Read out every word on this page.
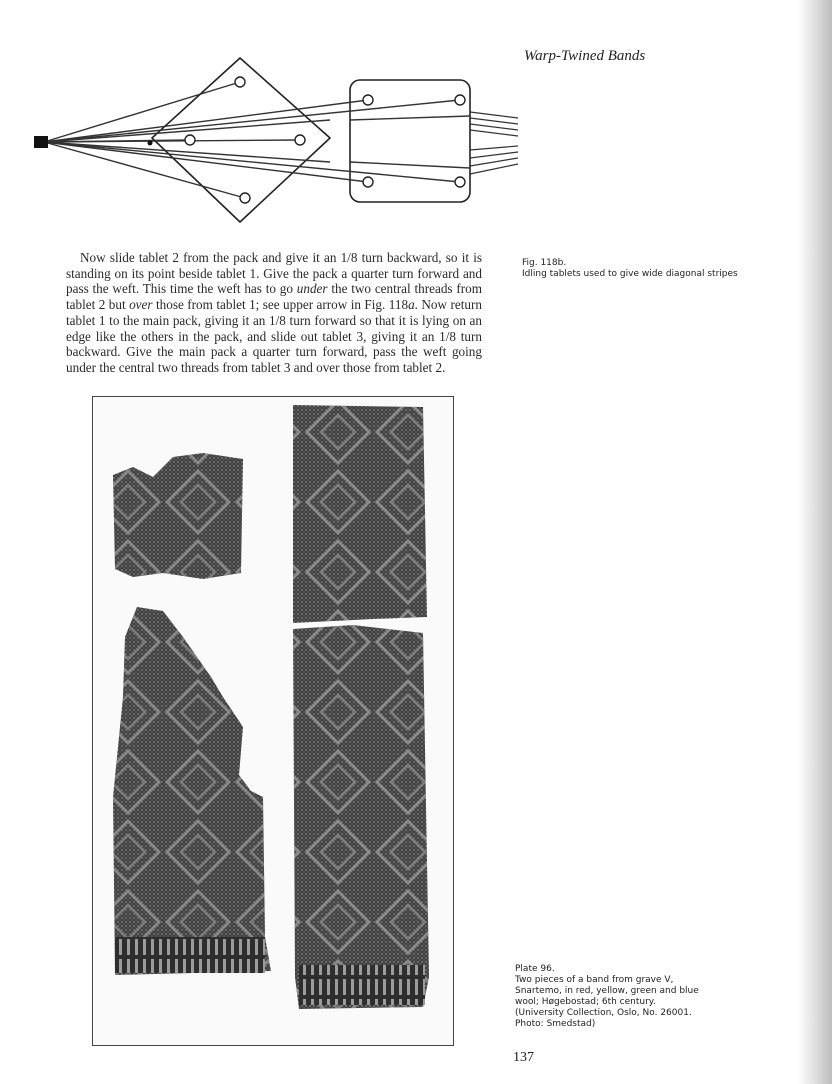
Warp-Twined Bands

Now slide tablet 2 from the pack and give it an 1/8 turn backward, so it is standing on its point beside tablet 1. Give the pack a quarter turn forward and pass the weft. This time the weft has to go under the two central threads from tablet 2 but over those from tablet 1; see upper arrow in Fig. 118a. Now return tablet 1 to the main pack, giving it an 1/8 turn forward so that it is lying on an edge like the others in the pack, and slide out tablet 3, giving it an 1/8 turn backward. Give the main pack a quarter turn forward, pass the weft going under the central two threads from tablet 3 and over those from tablet 2.

Fig. 118b.
Idling tablets used to give wide diagonal stripes
Plate 96.
Two pieces of a band from grave V,
Snartemo, in red, yellow, green and blue
wool; Høgebostad; 6th century.
(University Collection, Oslo, No. 26001.
Photo: Smedstad)
137
